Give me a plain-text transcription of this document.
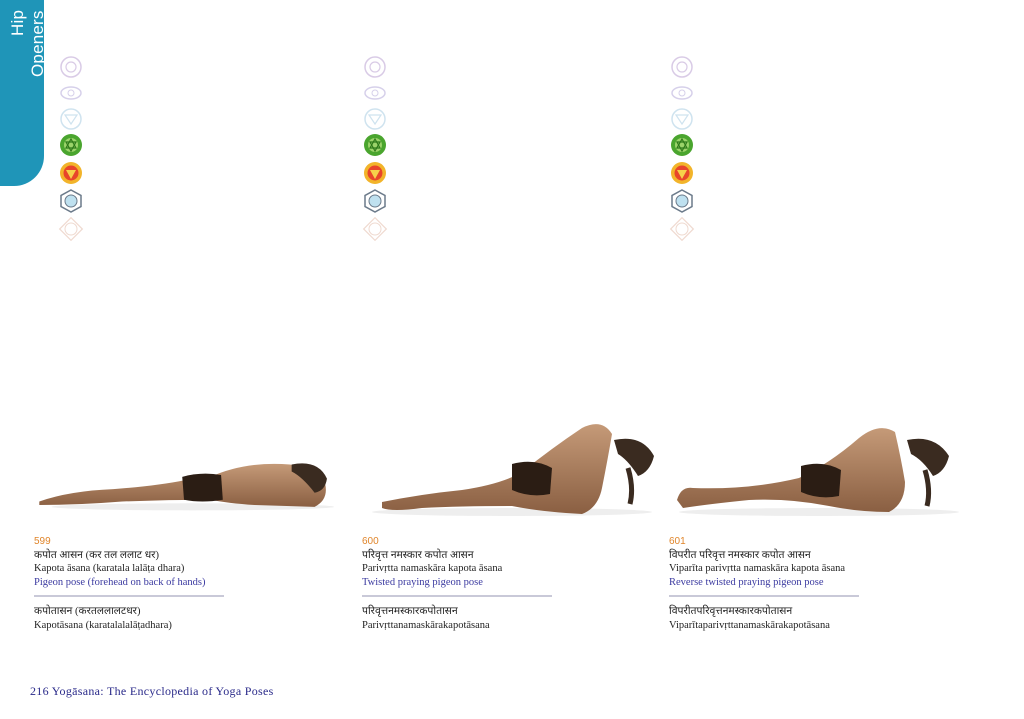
Hip Openers
599
कपोत आसन (कर तल ललाट धर)
Kapota āsana (karatala lalāṭa dhara)
Pigeon pose (forehead on back of hands)
कपोतासन (करतललालटधर)
Kapotāsana (karatalalalāṭadhara)
600
परिवृत्त नमस्कार कपोत आसन
Parivṛtta namaskāra kapota āsana
Twisted praying pigeon pose
परिवृत्तनमस्कारकपोतासन
Parivṛttanamaskārakapotāsana
601
विपरीत परिवृत्त नमस्कार कपोत आसन
Viparīta parivṛtta namaskāra kapota āsana
Reverse twisted praying pigeon pose
विपरीतपरिवृत्तनमस्कारकपोतासन
Viparītaparivṛttanamaskārakapotāsana
216 Yogāsana: The Encyclopedia of Yoga Poses
